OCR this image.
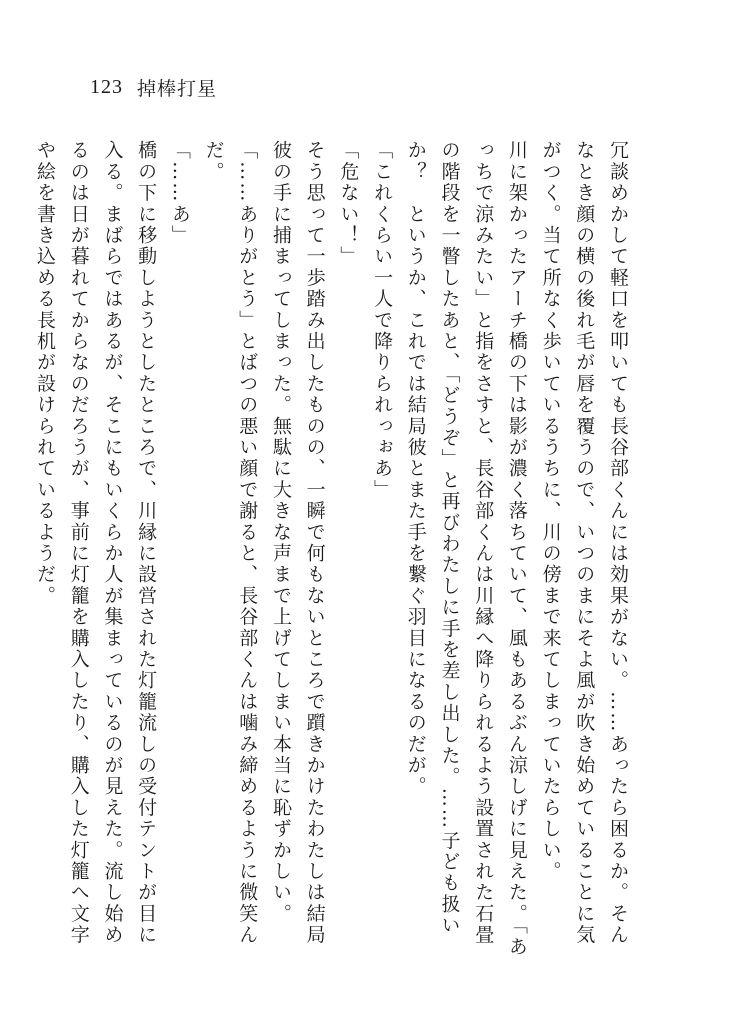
123 掉棒打星

冗談めかして軽口を叩いても長谷部くんには効果がない。……あったら困るか。そんなとき顔の横の後れ毛が唇を覆うので、いつのまにそよ風が吹き始めていることに気がつく。当て所なく歩いているうちに、川の傍まで来てしまっていたらしい。

川に架かったアーチ橋の下は影が濃く落ちていて、風もあるぶん涼しげに見えた。「あっちで涼みたい」と指をさすと、長谷部くんは川縁へ降りられるよう設置された石畳の階段を一瞥したあと、「どうぞ」と再びわたしに手を差し出した。……子ども扱いか？　というか、これでは結局彼とまた手を繋ぐ羽目になるのだが。

「これくらい一人で降りられっぉあ」

「危ない！」

そう思って一歩踏み出したものの、一瞬で何もないところで躓きかけたわたしは結局彼の手に捕まってしまった。無駄に大きな声まで上げてしまい本当に恥ずかしい。「……ありがとう」とばつの悪い顔で謝ると、長谷部くんは噛み締めるように微笑んだ。

「……あ」

橋の下に移動しようとしたところで、川縁に設営された灯籠流しの受付テントが目に入る。まばらではあるが、そこにもいくらか人が集まっているのが見えた。流し始めるのは日が暮れてからなのだろうが、事前に灯籠を購入したり、購入した灯籠へ文字や絵を書き込める長机が設けられているようだ。
